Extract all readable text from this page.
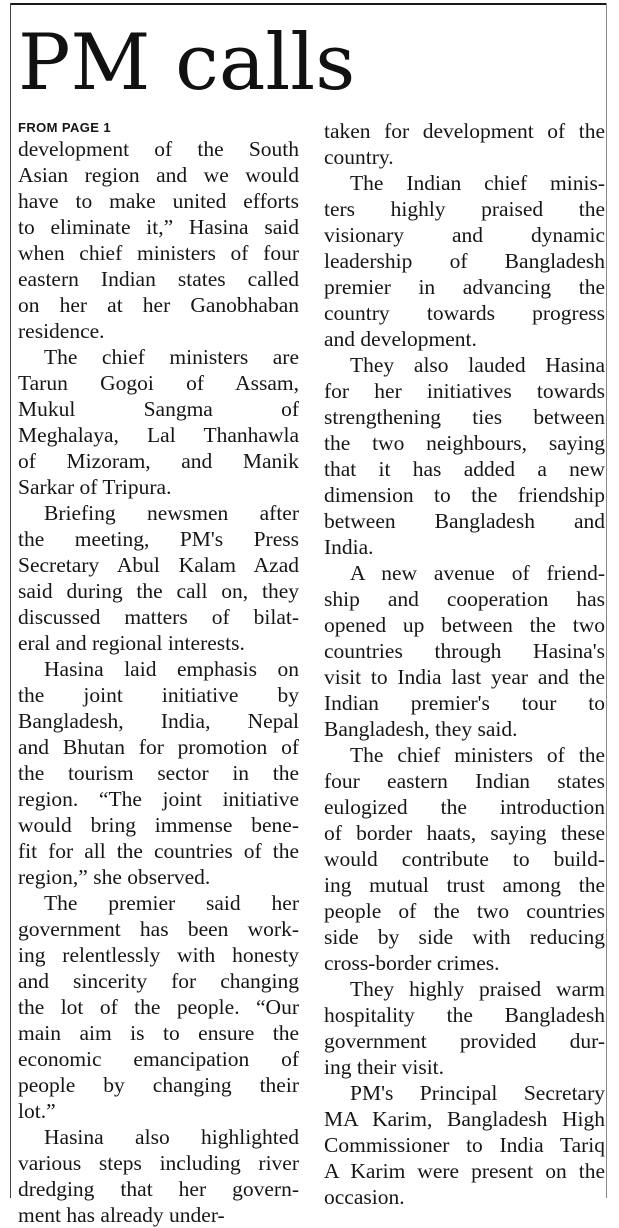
PM calls
FROM PAGE 1
development of the South
Asian region and we would
have to make united efforts
to eliminate it,” Hasina said
when chief ministers of four
eastern Indian states called
on her at her Ganobhaban
residence.
The chief ministers are
Tarun Gogoi of Assam,
Mukul Sangma of
Meghalaya, Lal Thanhawla
of Mizoram, and Manik
Sarkar of Tripura.
Briefing newsmen after
the meeting, PM's Press
Secretary Abul Kalam Azad
said during the call on, they
discussed matters of bilat-
eral and regional interests.
Hasina laid emphasis on
the joint initiative by
Bangladesh, India, Nepal
and Bhutan for promotion of
the tourism sector in the
region. “The joint initiative
would bring immense bene-
fit for all the countries of the
region,” she observed.
The premier said her
government has been work-
ing relentlessly with honesty
and sincerity for changing
the lot of the people. “Our
main aim is to ensure the
economic emancipation of
people by changing their
lot.”
Hasina also highlighted
various steps including river
dredging that her govern-
ment has already under-
taken for development of the
country.
The Indian chief minis-
ters highly praised the
visionary and dynamic
leadership of Bangladesh
premier in advancing the
country towards progress
and development.
They also lauded Hasina
for her initiatives towards
strengthening ties between
the two neighbours, saying
that it has added a new
dimension to the friendship
between Bangladesh and
India.
A new avenue of friend-
ship and cooperation has
opened up between the two
countries through Hasina's
visit to India last year and the
Indian premier's tour to
Bangladesh, they said.
The chief ministers of the
four eastern Indian states
eulogized the introduction
of border haats, saying these
would contribute to build-
ing mutual trust among the
people of the two countries
side by side with reducing
cross-border crimes.
They highly praised warm
hospitality the Bangladesh
government provided dur-
ing their visit.
PM's Principal Secretary
MA Karim, Bangladesh High
Commissioner to India Tariq
A Karim were present on the
occasion.
